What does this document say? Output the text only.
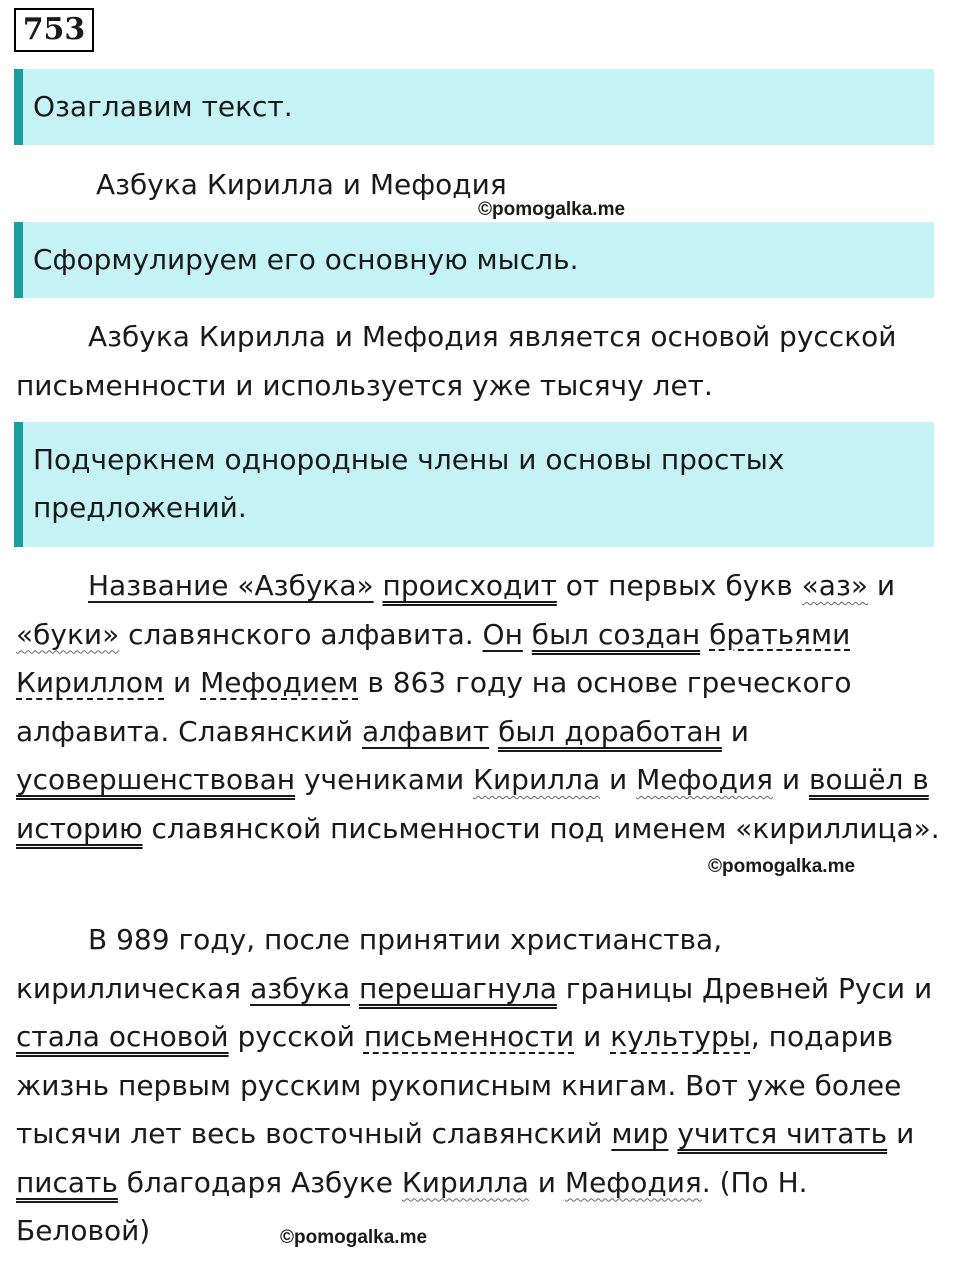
753
Озаглавим текст.
Азбука Кирилла и Мефодия
©pomogalka.me
Сформулируем его основную мысль.
Азбука Кирилла и Мефодия является основой русской письменности и используется уже тысячу лет.
Подчеркнем однородные члены и основы простых предложений.
Название «Азбука» происходит от первых букв «аз» и «буки» славянского алфавита. Он был создан братьями Кириллом и Мефодием в 863 году на основе греческого алфавита. Славянский алфавит был доработан и усовершенствован учениками Кирилла и Мефодия и вошёл в историю славянской письменности под именем «кириллица».
©pomogalka.me
В 989 году, после принятии христианства, кириллическая азбука перешагнула границы Древней Руси и стала основой русской письменности и культуры, подарив жизнь первым русским рукописным книгам. Вот уже более тысячи лет весь восточный славянский мир учится читать и писать благодаря Азбуке Кирилла и Мефодия. (По Н. Беловой)	©pomogalka.me
